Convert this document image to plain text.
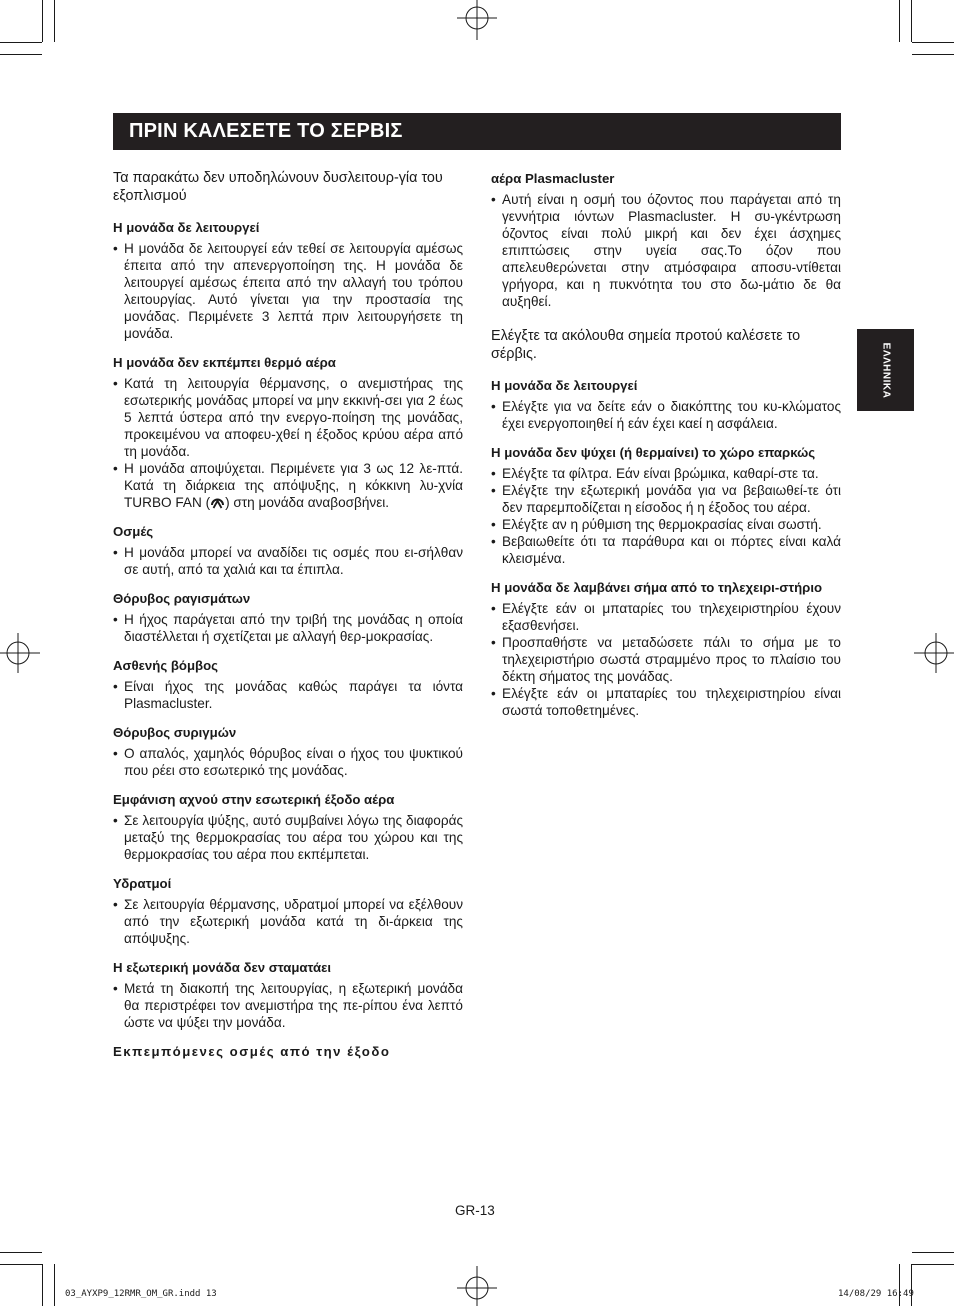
ΠΡΙΝ ΚΑΛΕΣΕΤΕ ΤΟ ΣΕΡΒΙΣ
ΕΛΛΗΝΙΚΑ

Τα παρακάτω δεν υποδηλώνουν δυσλειτουρ-γία του εξοπλισμού

Η μονάδα δε λειτουργεί
• Η μονάδα δε λειτουργεί εάν τεθεί σε λειτουργία αμέσως έπειτα από την απενεργοποίηση της. Η μονάδα δε λειτουργεί αμέσως έπειτα από την αλλαγή του τρόπου λειτουργίας. Αυτό γίνεται για την προστασία της μονάδας. Περιμένετε 3 λεπτά πριν λειτουργήσετε τη μονάδα.
Η μονάδα δεν εκπέμπει θερμό αέρα
• Κατά τη λειτουργία θέρμανσης, ο ανεμιστήρας της εσωτερικής μονάδας μπορεί να μην εκκινή-σει για 2 έως 5 λεπτά ύστερα από την ενεργο-ποίηση της μονάδας, προκειμένου να αποφευ-χθεί η έξοδος κρύου αέρα από τη μονάδα.
• Η μονάδα αποψύχεται. Περιμένετε για 3 ως 12 λε-πτά. Κατά τη διάρκεια της απόψυξης, η κόκκινη λυ-χνία TURBO FAN ( ) στη μονάδα αναβοσβήνει.
Οσμές
• Η μονάδα μπορεί να αναδίδει τις οσμές που ει-σήλθαν σε αυτή, από τα χαλιά και τα έπιπλα.
Θόρυβος ραγισμάτων
• Η ήχος παράγεται από την τριβή της μονάδας η οποία διαστέλλεται ή σχετίζεται με αλλαγή θερ-μοκρασίας.
Ασθενής βόμβος
• Είναι ήχος της μονάδας καθώς παράγει τα ιόντα Plasmacluster.
Θόρυβος συριγμών
• Ο απαλός, χαμηλός θόρυβος είναι ο ήχος του ψυκτικού που ρέει στο εσωτερικό της μονάδας.
Εμφάνιση αχνού στην εσωτερική έξοδο αέρα
• Σε λειτουργία ψύξης, αυτό συμβαίνει λόγω της διαφοράς μεταξύ της θερμοκρασίας του αέρα του χώρου και της θερμοκρασίας του αέρα που εκπέμπεται.
Υδρατμοί
• Σε λειτουργία θέρμανσης, υδρατμοί μπορεί να εξέλθουν από την εξωτερική μονάδα κατά τη δι-άρκεια της απόψυξης.
Η εξωτερική μονάδα δεν σταματάει
• Μετά τη διακοπή της λειτουργίας, η εξωτερική μονάδα θα περιστρέφει τον ανεμιστήρα της πε-ρίπου ένα λεπτό ώστε να ψύξει την μονάδα.
Εκπεμπόμενες οσμές από την έξοδο
αέρα Plasmacluster
• Αυτή είναι η οσμή του όζοντος που παράγεται από τη γεννήτρια ιόντων Plasmacluster. Η συ-γκέντρωση όζοντος είναι πολύ μικρή και δεν έχει άσχημες επιπτώσεις στην υγεία σας.Το όζον που απελευθερώνεται στην ατμόσφαιρα αποσυ-ντίθεται γρήγορα, και η πυκνότητα του στο δω-μάτιο δε θα αυξηθεί.

Ελέγξτε τα ακόλουθα σημεία προτού καλέσετε το σέρβις.

Η μονάδα δε λειτουργεί
• Ελέγξτε για να δείτε εάν ο διακόπτης του κυ-κλώματος έχει ενεργοποιηθεί ή εάν έχει καεί η ασφάλεια.
Η μονάδα δεν ψύχει (ή θερμαίνει) το χώρο επαρκώς
• Ελέγξτε τα φίλτρα. Εάν είναι βρώμικα, καθαρί-στε τα.
• Ελέγξτε την εξωτερική μονάδα για να βεβαιωθεί-τε ότι δεν παρεμποδίζεται η είσοδος ή η έξοδος του αέρα.
• Ελέγξτε αν η ρύθμιση της θερμοκρασίας είναι σωστή.
• Βεβαιωθείτε ότι τα παράθυρα και οι πόρτες είναι καλά κλεισμένα.
Η μονάδα δε λαμβάνει σήμα από το τηλεχειρι-στήριο
• Ελέγξτε εάν οι μπαταρίες του τηλεχειριστηρίου έχουν εξασθενήσει.
• Προσπαθήστε να μεταδώσετε πάλι το σήμα με το τηλεχειριστήριο σωστά στραμμένο προς το πλαίσιο του δέκτη σήματος της μονάδας.
• Ελέγξτε εάν οι μπαταρίες του τηλεχειριστηρίου είναι σωστά τοποθετημένες.
GR-13
03_AYXP9_12RMR_OM_GR.indd 13	14/08/29 16:49
